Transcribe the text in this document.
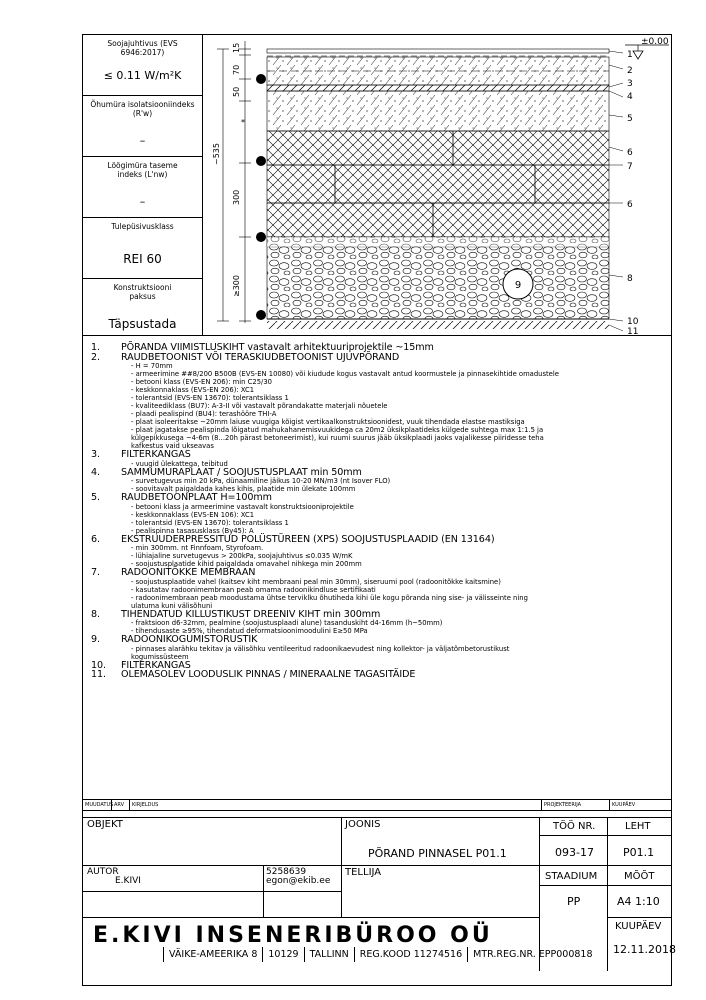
Soojajuhtivus (EVS 6946:2017)
≤ 0.11 W/m²K
Õhumüra isolatsiooniindeks (R'w)
–
Löögimüra taseme indeks (L'nw)
–
Tulepüsivusklass
REI 60
Konstruktsiooni paksus
Täpsustada
9
15
70
50
~535
300
≥300
*
±0.00
1
2
3
4
5
6
7
6
8
10
11
1. PÕRANDA VIIMISTLUSKIHT vastavalt arhitektuuriprojektile ~15mm
2. RAUDBETOONIST VÕI TERASKIUDBETOONIST UJUVPÕRAND
- H = 70mm
- armeerimine ##8/200 B500B (EVS-EN 10080) või kiudude kogus vastavalt antud koormustele ja pinnasekihtide omadustele
- betooni klass (EVS-EN 206): min C25/30
- keskkonnaklass (EVS-EN 206): XC1
- tolerantsid (EVS-EN 13670): tolerantsiklass 1
- kvaliteediklass (BU7): A-3-II või vastavalt põrandakatte materjali nõuetele
- plaadi pealispind (BU4): terashööre THI-A
- plaat isoleeritakse ~20mm laiuse vuugiga kõigist vertikaalkonstruktsioonidest, vuuk tihendada elastse mastiksiga
- plaat jagatakse pealispinda lõigatud mahukahanemisvuukidega ca 20m2 üksikplaatideks külgede suhtega max 1:1.5 ja
külgepikkusega ~4-6m (8...20h pärast betoneerimist), kui ruumi suurus jääb üksikplaadi jaoks vajalikesse piiridesse teha
kafkestus vaid ukseavas
3. FILTERKANGAS
- vuugid ülekattega, teibitud
4. SAMMUMURAPLAAT / SOOJUSTUSPLAAT min 50mm
- survetugevus min 20 kPa, dünaamiline jäikus 10-20 MN/m3 (nt Isover FLO)
- soovitavalt paigaldada kahes kihis, plaatide min ülekate 100mm
5. RAUDBETOONPLAAT H=100mm
- betooni klass ja armeerimine vastavalt konstruktsiooniprojektile
- keskkonnaklass (EVS-EN 106): XC1
- tolerantsid (EVS-EN 13670): tolerantsiklass 1
- pealispinna tasasusklass (By45): A
6. EKSTRUUDERPRESSITUD POLÜSTÜREEN (XPS) SOOJUSTUSPLAADID (EN 13164)
- min 300mm. nt Finnfoam, Styrofoam.
- lühiajaline survetugevus > 200kPa, soojajuhtivus ≤0.035 W/mK
- soojustusplaatide kihid paigaldada omavahel nihkega min 200mm
7. RADOONITÕKKE MEMBRAAN
- soojustusplaatide vahel (kaitsev kiht membraani peal min 30mm), siseruumi pool (radoonitõkke kaitsmine)
- kasutatav radoonimembraan peab omama radoonikindluse sertifikaati
- radoonimembraan peab moodustama ühtse terviklku õhutiheda kihi üle kogu põranda ning sise- ja välisseinte ning
ulatuma kuni välisõhuni
8. TIHENDATUD KILLUSTIKUST DREENIV KIHT min 300mm
- fraktsioon d6-32mm, pealmine (soojustusplaadi alune) tasanduskiht d4-16mm (h~50mm)
- tihendusaste ≥95%, tihendatud deformatsioonimoodulini E≥50 MPa
9. RADOONIKOGUMISTORUSTIK
- pinnases alarähku tekitav ja välisõhku ventileeritud radoonikaevudest ning kollektor- ja väljatõmbetorustikust
kogumissüsteem
10. FILTERKANGAS
11. OLEMASOLEV LOODUSLIK PINNAS / MINERAALNE TAGASITÄIDE
MUUDATUS ARV KIRJELDUS	PROJEKTEERIJA	KUUPÄEV
OBJEKT	JOONIS
PÕRAND PINNASEL P01.1
TÖÖ NR.
093-17
LEHT
P01.1
AUTOR
E.KIVI
5258639
egon@ekib.ee
TELLIJA	STAADIUM
PP
MÕÕT
A4 1:10
KUUPÄEV
12.11.2018
E.KIVI INSENERIBÜROO OÜ
VÄIKE-AMEERIKA 8 10129 TALLINN REG.KOOD 11274516 MTR.REG.NR. EPP000818
